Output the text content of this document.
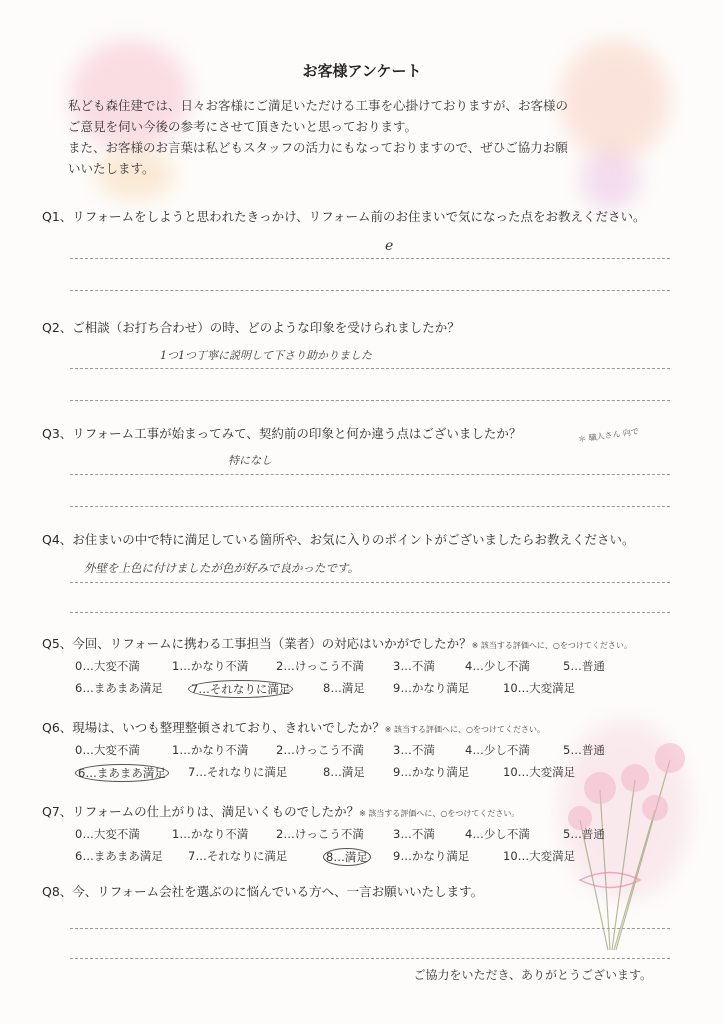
お客様アンケート
私ども森住建では、日々お客様にご満足いただける工事を心掛けておりますが、お客様の
ご意見を伺い今後の参考にさせて頂きたいと思っております。
また、お客様のお言葉は私どもスタッフの活力にもなっておりますので、ぜひご協力お願
いいたします。
Q1、リフォームをしようと思われたきっかけ、リフォーム前のお住まいで気になった点をお教えください。
e
Q2、ご相談（お打ち合わせ）の時、どのような印象を受けられましたか？
1つ1つ丁寧に説明して下さり助かりました
Q3、リフォーム工事が始まってみて、契約前の印象と何か違う点はございましたか？	＊ 職人さん 向で
特になし
Q4、お住まいの中で特に満足している箇所や、お気に入りのポイントがございましたらお教えください。
外壁を上色に付けましたが色が好みで良かったです。
Q5、今回、リフォームに携わる工事担当（業者）の対応はいかがでしたか？※ 該当する評価へに、○をつけてください。
0…大変不満	1…かなり不満 2…けっこう不満	3…不満	4…少し不満	5…普通
6…まあまあ満足 7…それなりに満足	8…満足 9…かなり満足	10…大変満足
Q6、現場は、いつも整理整頓されており、きれいでしたか？※ 該当する評価へに、○をつけてください。
0…大変不満	1…かなり不満 2…けっこう不満	3…不満	4…少し不満	5…普通
6…まあまあ満足 7…それなりに満足	8…満足 9…かなり満足	10…大変満足
Q7、リフォームの仕上がりは、満足いくものでしたか？※ 該当する評価へに、○をつけてください。
0…大変不満	1…かなり不満 2…けっこう不満	3…不満	4…少し不満	5…普通
6…まあまあ満足 7…それなりに満足	8…満足 9…かなり満足	10…大変満足
Q8、今、リフォーム会社を選ぶのに悩んでいる方へ、一言お願いいたします。
ご協力をいただき、ありがとうございます。
